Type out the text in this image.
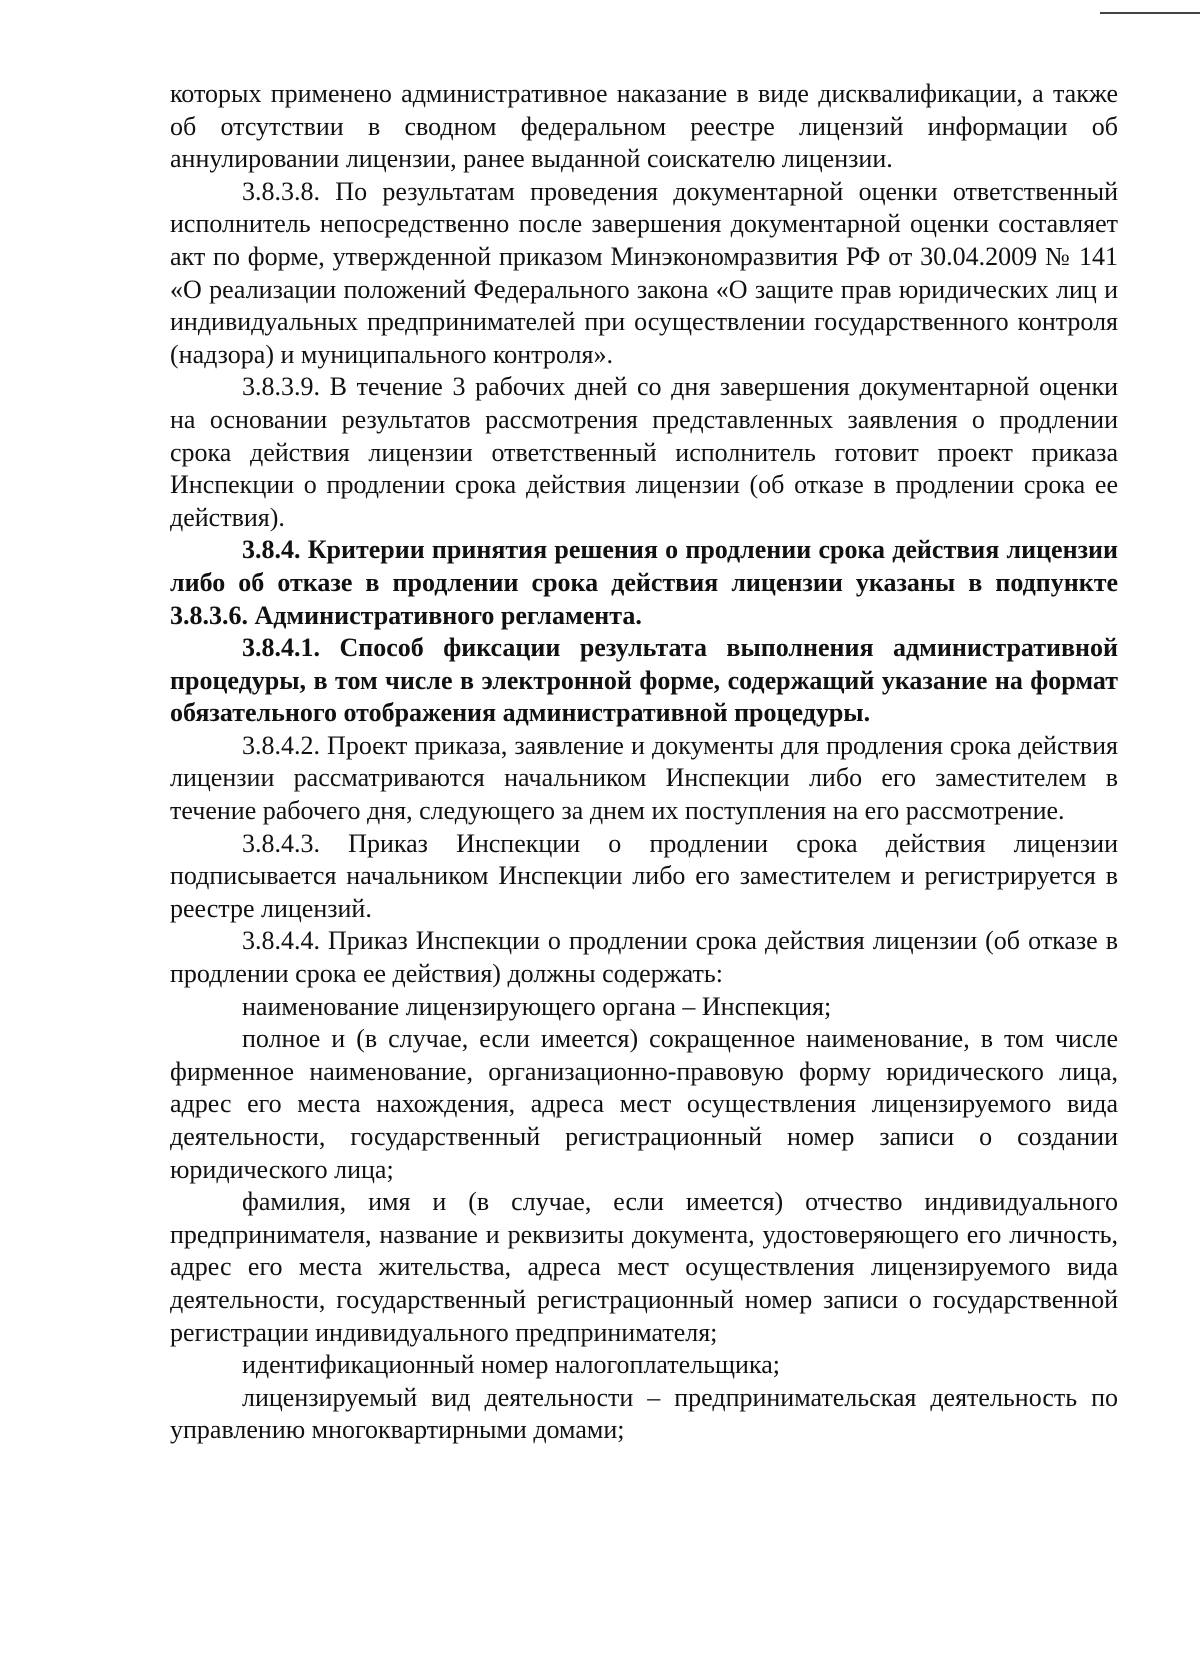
которых применено административное наказание в виде дисквалификации, а также об отсутствии в сводном федеральном реестре лицензий информации об аннулировании лицензии, ранее выданной соискателю лицензии.

3.8.3.8. По результатам проведения документарной оценки ответственный исполнитель непосредственно после завершения документарной оценки составляет акт по форме, утвержденной приказом Минэкономразвития РФ от 30.04.2009 № 141 «О реализации положений Федерального закона «О защите прав юридических лиц и индивидуальных предпринимателей при осуществлении государственного контроля (надзора) и муниципального контроля».

3.8.3.9. В течение 3 рабочих дней со дня завершения документарной оценки на основании результатов рассмотрения представленных заявления о продлении срока действия лицензии ответственный исполнитель готовит проект приказа Инспекции о продлении срока действия лицензии (об отказе в продлении срока ее действия).

3.8.4. Критерии принятия решения о продлении срока действия лицензии либо об отказе в продлении срока действия лицензии указаны в подпункте 3.8.3.6. Административного регламента.

3.8.4.1. Способ фиксации результата выполнения административной процедуры, в том числе в электронной форме, содержащий указание на формат обязательного отображения административной процедуры.

3.8.4.2. Проект приказа, заявление и документы для продления срока действия лицензии рассматриваются начальником Инспекции либо его заместителем в течение рабочего дня, следующего за днем их поступления на его рассмотрение.

3.8.4.3. Приказ Инспекции о продлении срока действия лицензии подписывается начальником Инспекции либо его заместителем и регистрируется в реестре лицензий.

3.8.4.4. Приказ Инспекции о продлении срока действия лицензии (об отказе в продлении срока ее действия) должны содержать:

наименование лицензирующего органа – Инспекция;

полное и (в случае, если имеется) сокращенное наименование, в том числе фирменное наименование, организационно-правовую форму юридического лица, адрес его места нахождения, адреса мест осуществления лицензируемого вида деятельности, государственный регистрационный номер записи о создании юридического лица;

фамилия, имя и (в случае, если имеется) отчество индивидуального предпринимателя, название и реквизиты документа, удостоверяющего его личность, адрес его места жительства, адреса мест осуществления лицензируемого вида деятельности, государственный регистрационный номер записи о государственной регистрации индивидуального предпринимателя;

идентификационный номер налогоплательщика;

лицензируемый вид деятельности – предпринимательская деятельность по управлению многоквартирными домами;
